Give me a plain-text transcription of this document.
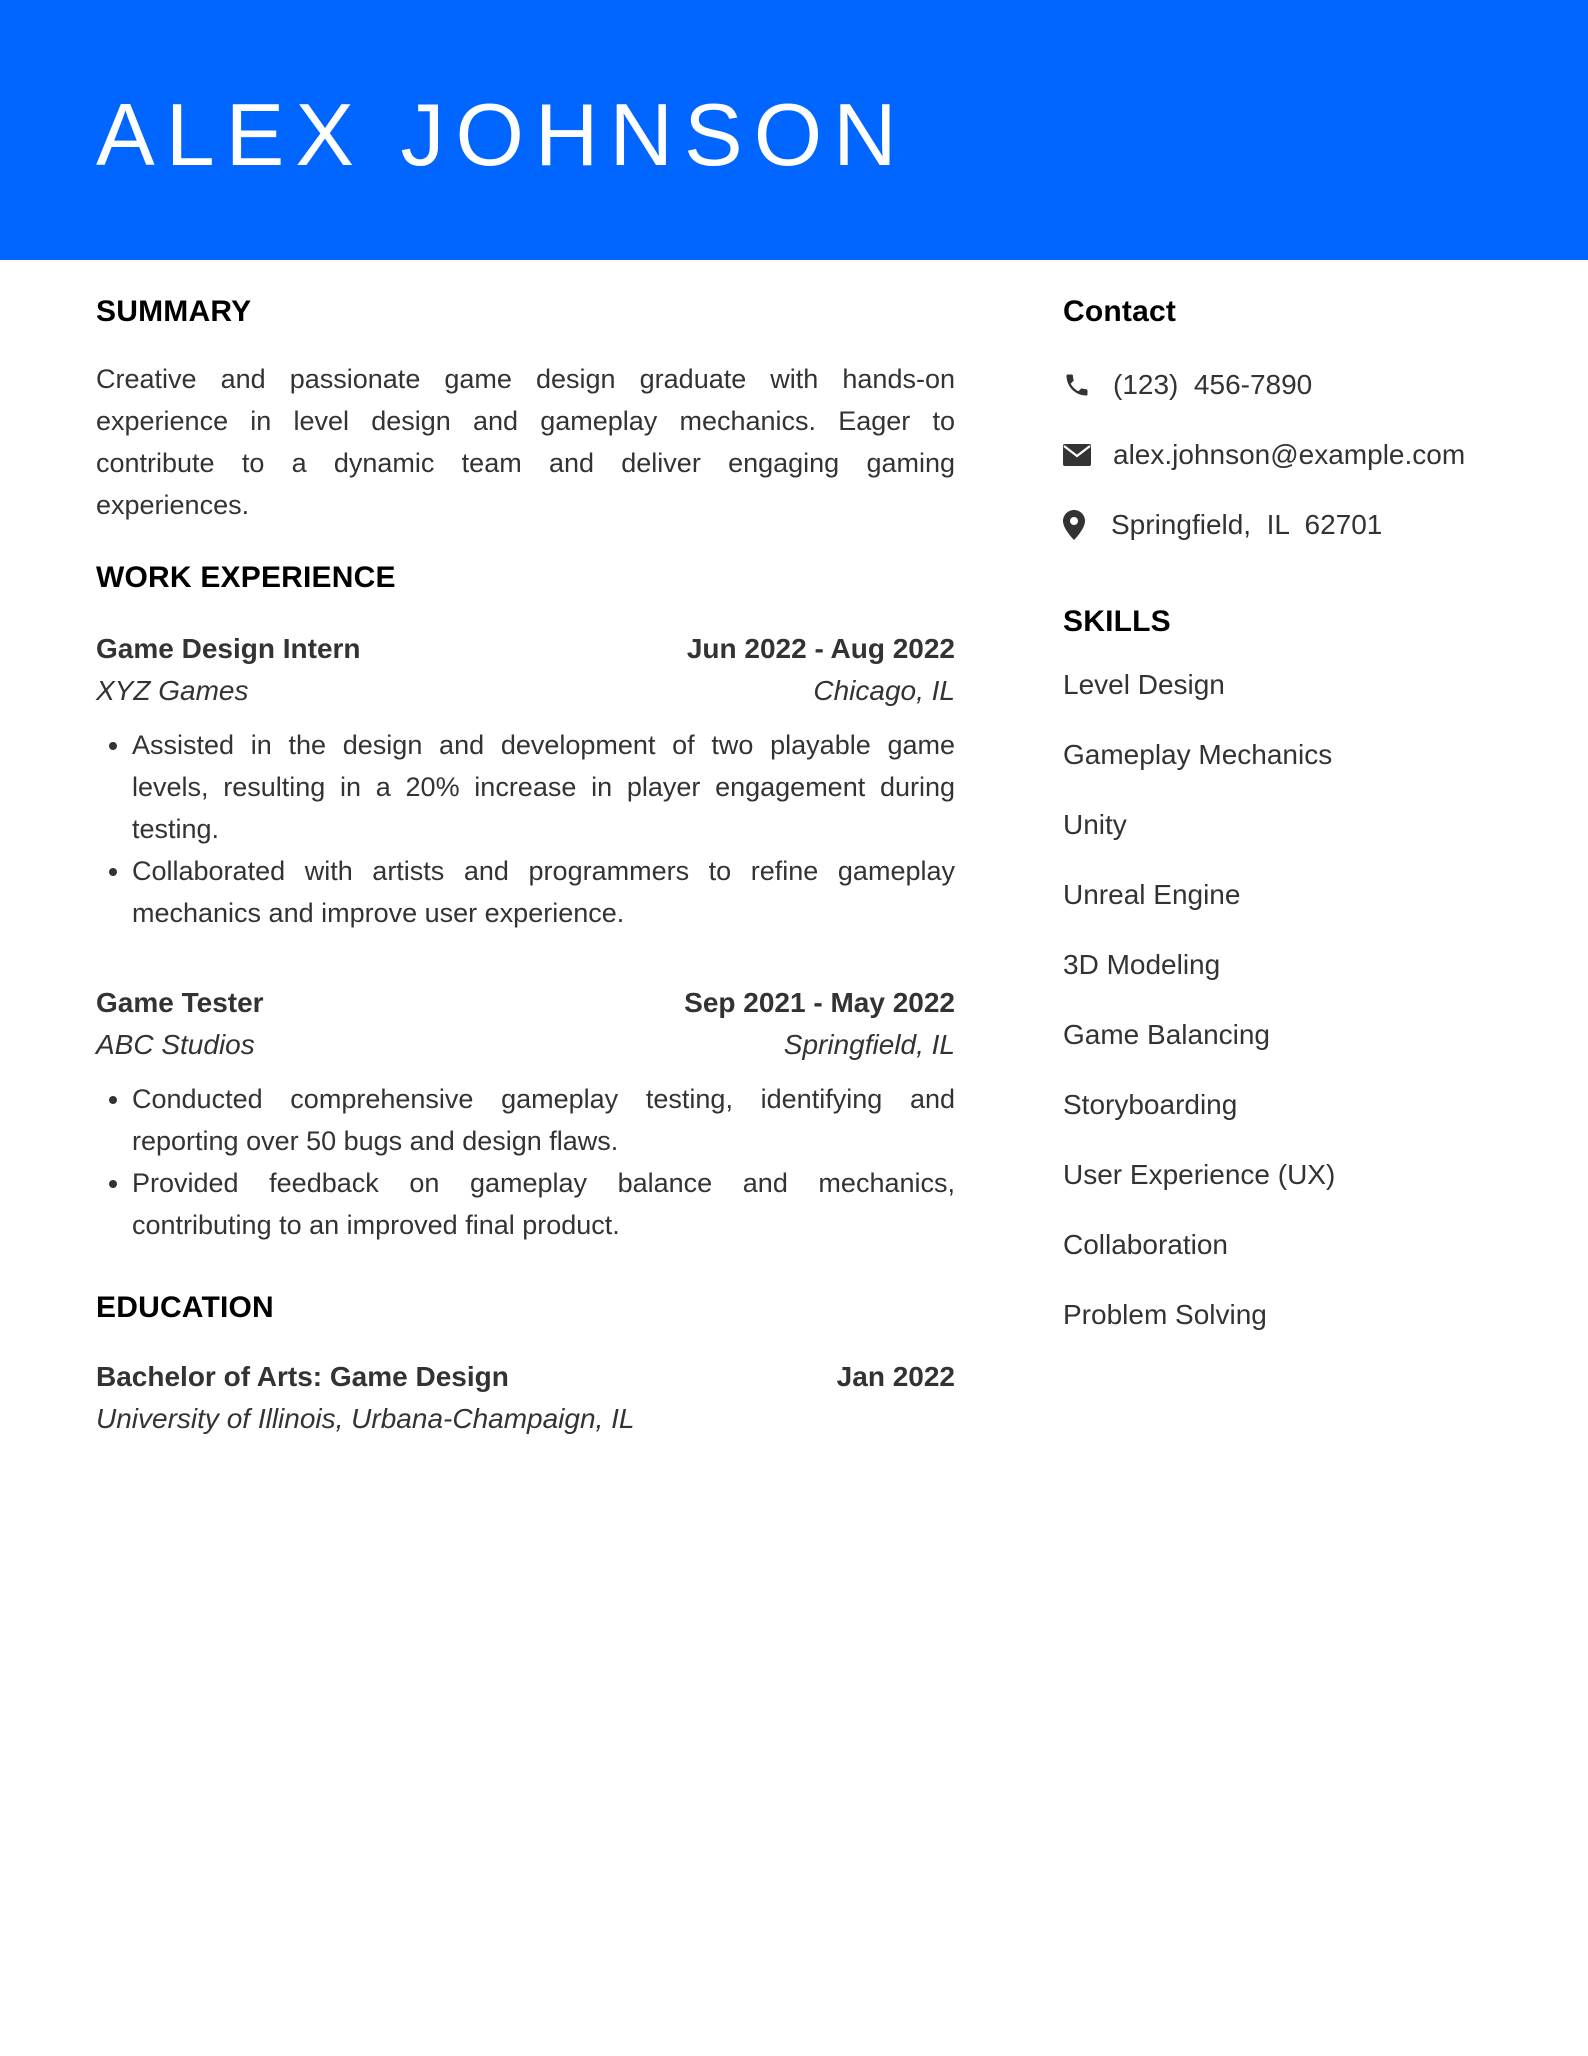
ALEX JOHNSON
SUMMARY

Creative and passionate game design graduate with hands-on experience in level design and gameplay mechanics. Eager to contribute to a dynamic team and deliver engaging gaming experiences.

WORK EXPERIENCE
Game Design Intern	Jun 2022 - Aug 2022
XYZ Games	Chicago, IL
• Assisted in the design and development of two playable game levels, resulting in a 20% increase in player engagement during testing.
• Collaborated with artists and programmers to refine gameplay mechanics and improve user experience.
Game Tester	Sep 2021 - May 2022
ABC Studios	Springfield, IL
• Conducted comprehensive gameplay testing, identifying and reporting over 50 bugs and design flaws.
• Provided feedback on gameplay balance and mechanics, contributing to an improved final product.
EDUCATION
Bachelor of Arts: Game Design	Jan 2022
University of Illinois, Urbana-Champaign, IL
Contact
(123)  456-7890
alex.johnson@example.com
Springfield,  IL  62701
SKILLS
Level Design
Gameplay Mechanics
Unity
Unreal Engine
3D Modeling
Game Balancing
Storyboarding
User Experience (UX)
Collaboration
Problem Solving
